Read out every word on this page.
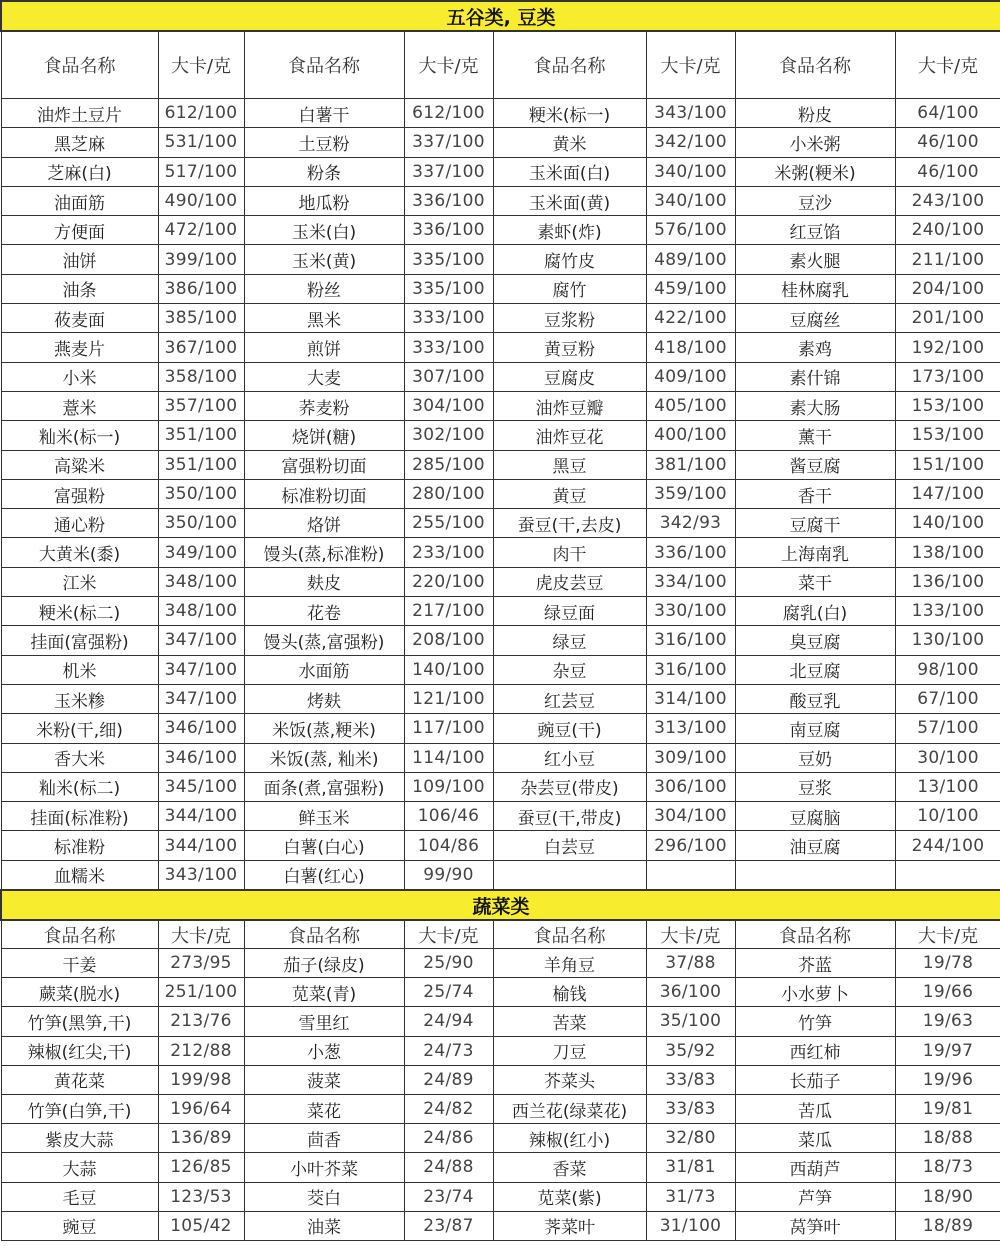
五谷类, 豆类							
食品名称	大卡/克	食品名称	大卡/克	食品名称	大卡/克	食品名称	大卡/克
油炸土豆片	612/100	白薯干	612/100	粳米(标一)	343/100	粉皮	64/100
黑芝麻	531/100	土豆粉	337/100	黄米	342/100	小米粥	46/100
芝麻(白)	517/100	粉条	337/100	玉米面(白)	340/100	米粥(粳米)	46/100
油面筋	490/100	地瓜粉	336/100	玉米面(黄)	340/100	豆沙	243/100
方便面	472/100	玉米(白)	336/100	素虾(炸)	576/100	红豆馅	240/100
油饼	399/100	玉米(黄)	335/100	腐竹皮	489/100	素火腿	211/100
油条	386/100	粉丝	335/100	腐竹	459/100	桂林腐乳	204/100
莜麦面	385/100	黑米	333/100	豆浆粉	422/100	豆腐丝	201/100
燕麦片	367/100	煎饼	333/100	黄豆粉	418/100	素鸡	192/100
小米	358/100	大麦	307/100	豆腐皮	409/100	素什锦	173/100
薏米	357/100	荞麦粉	304/100	油炸豆瓣	405/100	素大肠	153/100
籼米(标一)	351/100	烧饼(糖)	302/100	油炸豆花	400/100	薰干	153/100
高粱米	351/100	富强粉切面	285/100	黑豆	381/100	酱豆腐	151/100
富强粉	350/100	标准粉切面	280/100	黄豆	359/100	香干	147/100
通心粉	350/100	烙饼	255/100	蚕豆(干,去皮)	342/93	豆腐干	140/100
大黄米(黍)	349/100	馒头(蒸,标准粉)	233/100	肉干	336/100	上海南乳	138/100
江米	348/100	麸皮	220/100	虎皮芸豆	334/100	菜干	136/100
粳米(标二)	348/100	花卷	217/100	绿豆面	330/100	腐乳(白)	133/100
挂面(富强粉)	347/100	馒头(蒸,富强粉)	208/100	绿豆	316/100	臭豆腐	130/100
机米	347/100	水面筋	140/100	杂豆	316/100	北豆腐	98/100
玉米糁	347/100	烤麸	121/100	红芸豆	314/100	酸豆乳	67/100
米粉(干,细)	346/100	米饭(蒸,粳米)	117/100	豌豆(干)	313/100	南豆腐	57/100
香大米	346/100	米饭(蒸, 籼米)	114/100	红小豆	309/100	豆奶	30/100
籼米(标二)	345/100	面条(煮,富强粉)	109/100	杂芸豆(带皮)	306/100	豆浆	13/100
挂面(标准粉)	344/100	鲜玉米	106/46	蚕豆(干,带皮)	304/100	豆腐脑	10/100
标准粉	344/100	白薯(白心)	104/86	白芸豆	296/100	油豆腐	244/100
血糯米	343/100	白薯(红心)	99/90				
蔬菜类							
食品名称	大卡/克	食品名称	大卡/克	食品名称	大卡/克	食品名称	大卡/克
干姜	273/95	茄子(绿皮)	25/90	羊角豆	37/88	芥蓝	19/78
蕨菜(脱水)	251/100	苋菜(青)	25/74	榆钱	36/100	小水萝卜	19/66
竹笋(黑笋,干)	213/76	雪里红	24/94	苦菜	35/100	竹笋	19/63
辣椒(红尖,干)	212/88	小葱	24/73	刀豆	35/92	西红柿	19/97
黄花菜	199/98	菠菜	24/89	芥菜头	33/83	长茄子	19/96
竹笋(白笋,干)	196/64	菜花	24/82	西兰花(绿菜花)	33/83	苦瓜	19/81
紫皮大蒜	136/89	茴香	24/86	辣椒(红小)	32/80	菜瓜	18/88
大蒜	126/85	小叶芥菜	24/88	香菜	31/81	西葫芦	18/73
毛豆	123/53	茭白	23/74	苋菜(紫)	31/73	芦笋	18/90
豌豆	105/42	油菜	23/87	荠菜叶	31/100	莴笋叶	18/89
